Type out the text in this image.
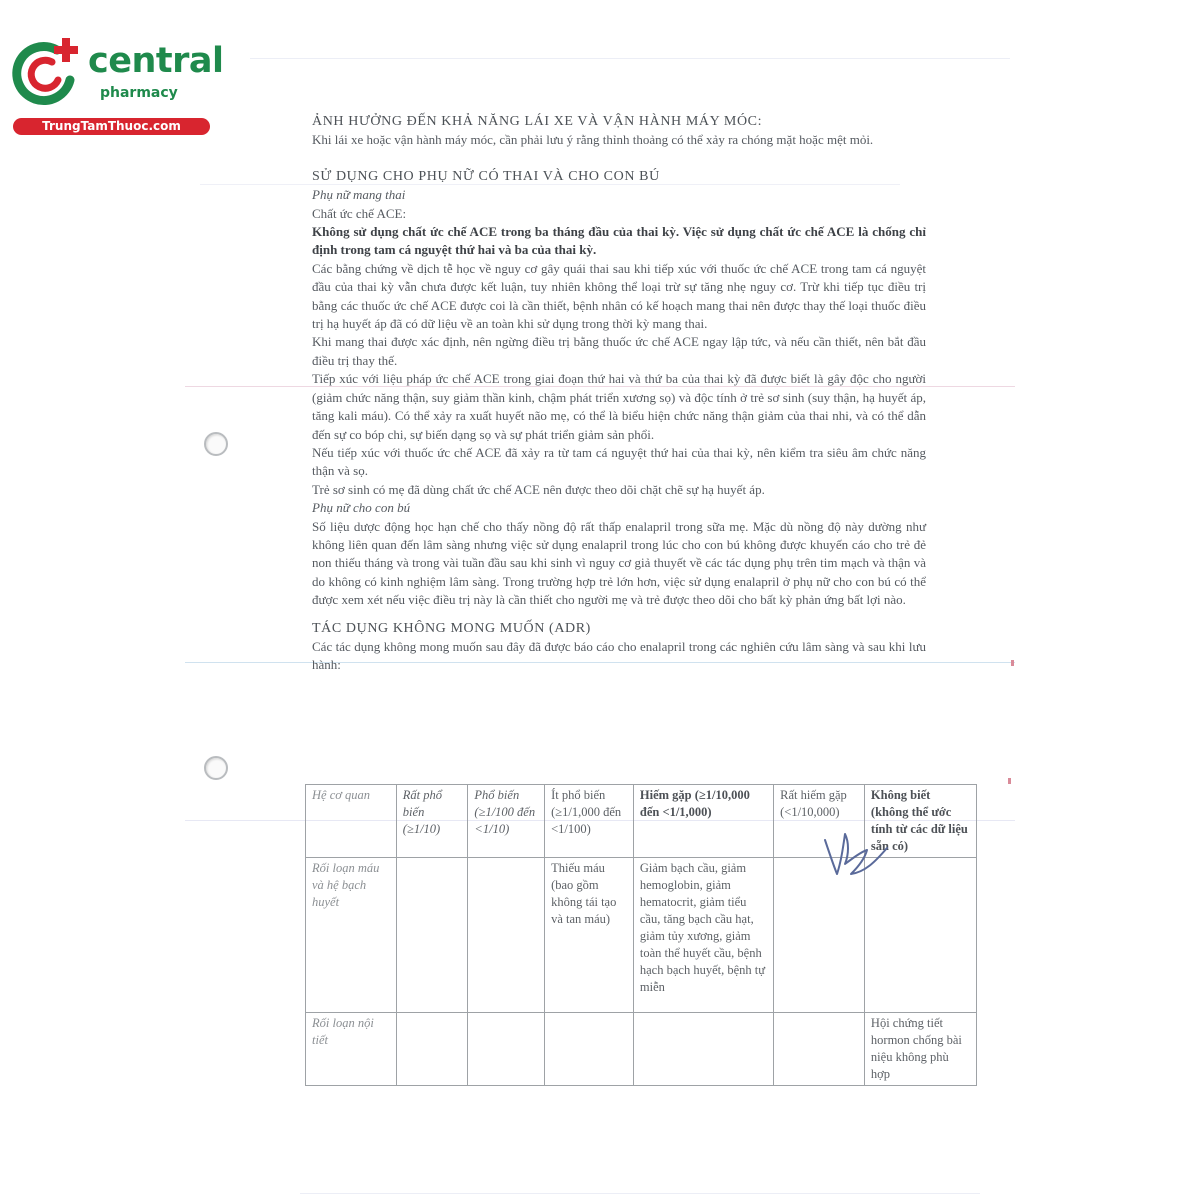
central
pharmacy
TrungTamThuoc.com	ẢNH HƯỞNG ĐẾN KHẢ NĂNG LÁI XE VÀ VẬN HÀNH MÁY MÓC:

Khi lái xe hoặc vận hành máy móc, cần phải lưu ý rằng thỉnh thoảng có thể xảy ra chóng mặt hoặc mệt mỏi.

SỬ DỤNG CHO PHỤ NỮ CÓ THAI VÀ CHO CON BÚ

Phụ nữ mang thai

Chất ức chế ACE:

Không sử dụng chất ức chế ACE trong ba tháng đầu của thai kỳ. Việc sử dụng chất ức chế ACE là chống chỉ định trong tam cá nguyệt thứ hai và ba của thai kỳ.

Các bằng chứng về dịch tễ học về nguy cơ gây quái thai sau khi tiếp xúc với thuốc ức chế ACE trong tam cá nguyệt đầu của thai kỳ vẫn chưa được kết luận, tuy nhiên không thể loại trừ sự tăng nhẹ nguy cơ. Trừ khi tiếp tục điều trị bằng các thuốc ức chế ACE được coi là cần thiết, bệnh nhân có kế hoạch mang thai nên được thay thế loại thuốc điều trị hạ huyết áp đã có dữ liệu về an toàn khi sử dụng trong thời kỳ mang thai.

Khi mang thai được xác định, nên ngừng điều trị bằng thuốc ức chế ACE ngay lập tức, và nếu cần thiết, nên bắt đầu điều trị thay thế.

Tiếp xúc với liệu pháp ức chế ACE trong giai đoạn thứ hai và thứ ba của thai kỳ đã được biết là gây độc cho người (giảm chức năng thận, suy giảm thần kinh, chậm phát triển xương sọ) và độc tính ở trẻ sơ sinh (suy thận, hạ huyết áp, tăng kali máu). Có thể xảy ra xuất huyết não mẹ, có thể là biểu hiện chức năng thận giảm của thai nhi, và có thể dẫn đến sự co bóp chi, sự biến dạng sọ và sự phát triển giảm sản phổi.

Nếu tiếp xúc với thuốc ức chế ACE đã xảy ra từ tam cá nguyệt thứ hai của thai kỳ, nên kiểm tra siêu âm chức năng thận và sọ.

Trẻ sơ sinh có mẹ đã dùng chất ức chế ACE nên được theo dõi chặt chẽ sự hạ huyết áp.

Phụ nữ cho con bú

Số liệu dược động học hạn chế cho thấy nồng độ rất thấp enalapril trong sữa mẹ. Mặc dù nồng độ này dường như không liên quan đến lâm sàng nhưng việc sử dụng enalapril trong lúc cho con bú không được khuyến cáo cho trẻ đẻ non thiếu tháng và trong vài tuần đầu sau khi sinh vì nguy cơ giả thuyết về các tác dụng phụ trên tim mạch và thận và do không có kinh nghiệm lâm sàng. Trong trường hợp trẻ lớn hơn, việc sử dụng enalapril ở phụ nữ cho con bú có thể được xem xét nếu việc điều trị này là cần thiết cho người mẹ và trẻ được theo dõi cho bất kỳ phản ứng bất lợi nào.

TÁC DỤNG KHÔNG MONG MUỐN (ADR)

Các tác dụng không mong muốn sau đây đã được báo cáo cho enalapril trong các nghiên cứu lâm sàng và sau khi lưu hành:

Hệ cơ quan	Rất phổ biến (≥1/10)	Phổ biến (≥1/100 đến <1/10)	Ít phổ biến (≥1/1,000 đến <1/100)	Hiếm gặp (≥1/10,000 đến <1/1,000)	Rất hiếm gặp (<1/10,000)	Không biết (không thể ước tính từ các dữ liệu sẵn có)
Rối loạn máu và hệ bạch huyết			Thiếu máu (bao gồm không tái tạo và tan máu)	Giảm bạch cầu, giảm hemoglobin, giảm hematocrit, giảm tiểu cầu, tăng bạch cầu hạt, giảm tủy xương, giảm toàn thể huyết cầu, bệnh hạch bạch huyết, bệnh tự miễn		
Rối loạn nội tiết						Hội chứng tiết hormon chống bài niệu không phù hợp
